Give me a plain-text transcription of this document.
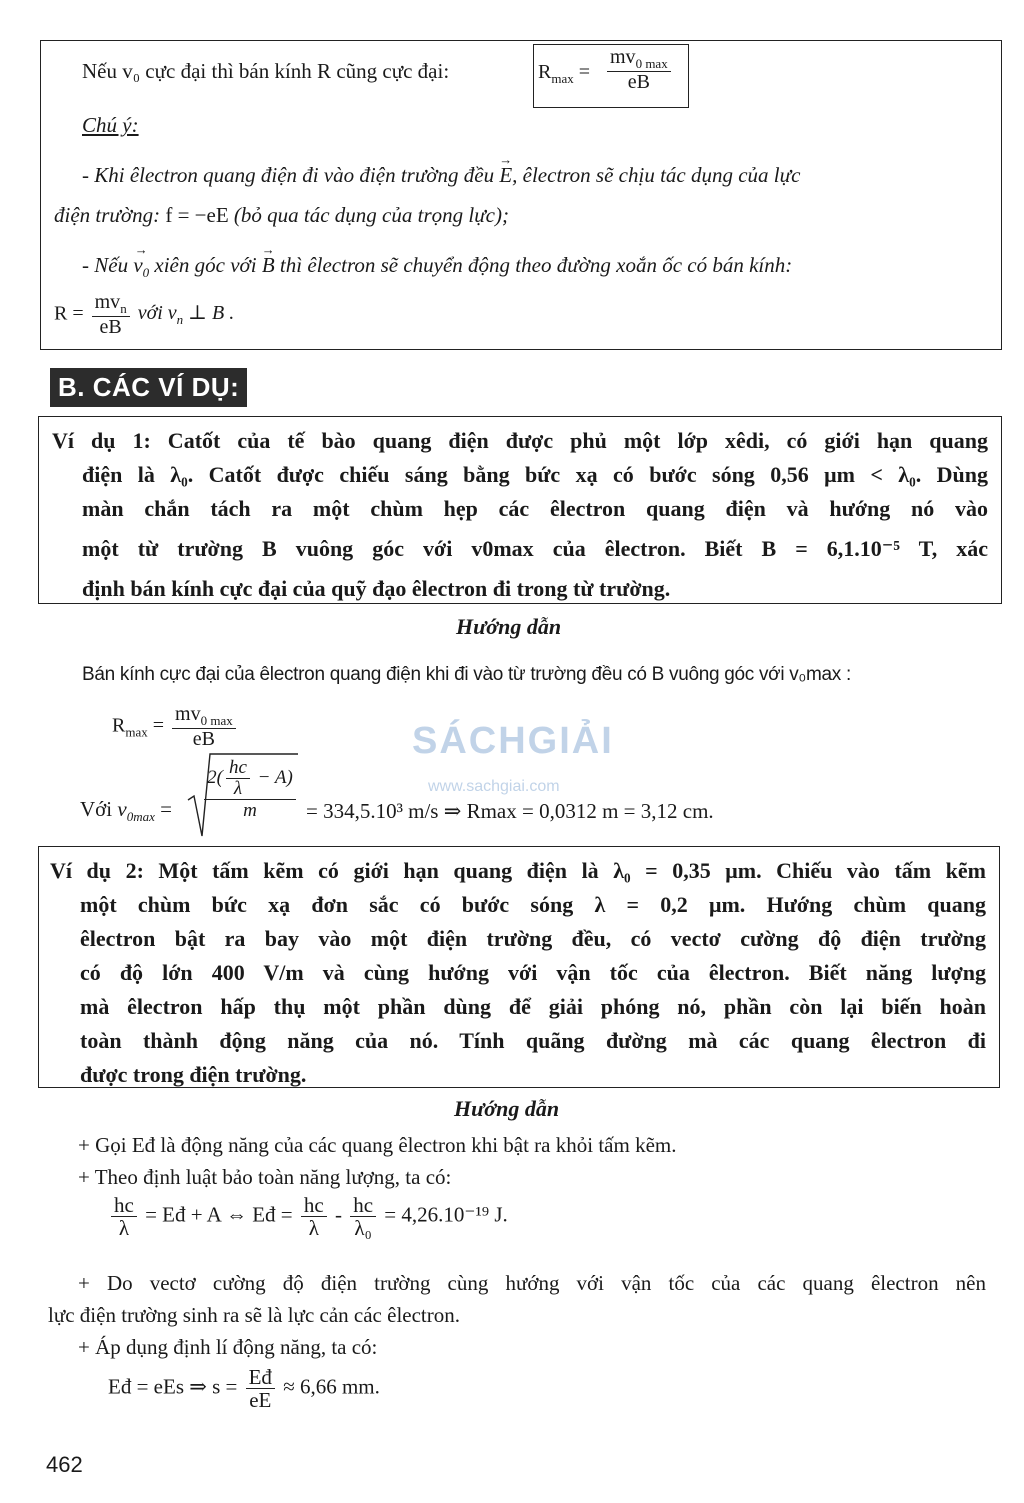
Nếu v₀ cực đại thì bán kính R cũng cực đại:	$R_{max}$ =
$mv_{0 max}$
eB
Chú ý:
- Khi êlectron quang điện đi vào điện trường đều → E, êlectron sẽ chịu tác dụng của lực
điện trường: f = −eE (bỏ qua tác dụng của trọng lực);
- Nếu → $v_0$ xiên góc với → B thì êlectron sẽ chuyển động theo đường xoắn ốc có bán kính:
$R = \frac{mv_n}{eB}$ với $v_n$ ⊥ B .
B. CÁC VÍ DỤ:
Ví dụ 1: Catốt của tế bào quang điện được phủ một lớp xêdi, có giới hạn quang
điện là λ₀. Catốt được chiếu sáng bằng bức xạ có bước sóng 0,56 μm < λ₀. Dùng
màn chắn tách ra một chùm hẹp các êlectron quang điện và hướng nó vào
một từ trường B vuông góc với v0max của êlectron. Biết B = 6,1.10⁻⁵ T, xác
định bán kính cực đại của quỹ đạo êlectron đi trong từ trường.
Hướng dẫn
Bán kính cực đại của êlectron quang điện khi đi vào từ trường đều có B vuông góc với v₀max :
$R_{max} = \frac{mv_{0 max}}{eB}$
Với $v_{0max}$ =
$2( \frac{hc}{\lambda} - A)$
m	= 334,5.10³ m/s ⇒ Rmax = 0,0312 m = 3,12 cm.
SÁCHGIẢI
www.sachgiai.com
Ví dụ 2: Một tấm kẽm có giới hạn quang điện là λ₀ = 0,35 μm. Chiếu vào tấm kẽm
một chùm bức xạ đơn sắc có bước sóng λ = 0,2 μm. Hướng chùm quang
êlectron bật ra bay vào một điện trường đều, có vectơ cường độ điện trường
có độ lớn 400 V/m và cùng hướng với vận tốc của êlectron. Biết năng lượng
mà êlectron hấp thụ một phần dùng để giải phóng nó, phần còn lại biến hoàn
toàn thành động năng của nó. Tính quãng đường mà các quang êlectron đi
được trong điện trường.
Hướng dẫn
+ Gọi Eđ là động năng của các quang êlectron khi bật ra khỏi tấm kẽm.
+ Theo định luật bảo toàn năng lượng, ta có:
$\frac{hc}{\lambda}$ = Eđ + A ⇔ Eđ = $\frac{hc}{\lambda} - \frac{hc}{\text{λ₀}} = 4,26.10^{-19}$ J.
+ Do vectơ cường độ điện trường cùng hướng với vận tốc của các quang êlectron nên
lực điện trường sinh ra sẽ là lực cản các êlectron.
+ Áp dụng định lí động năng, ta có:
Eđ = eEs ⇒ $s = \frac{Eđ}{eE} \approx 6,66$ mm.
462
